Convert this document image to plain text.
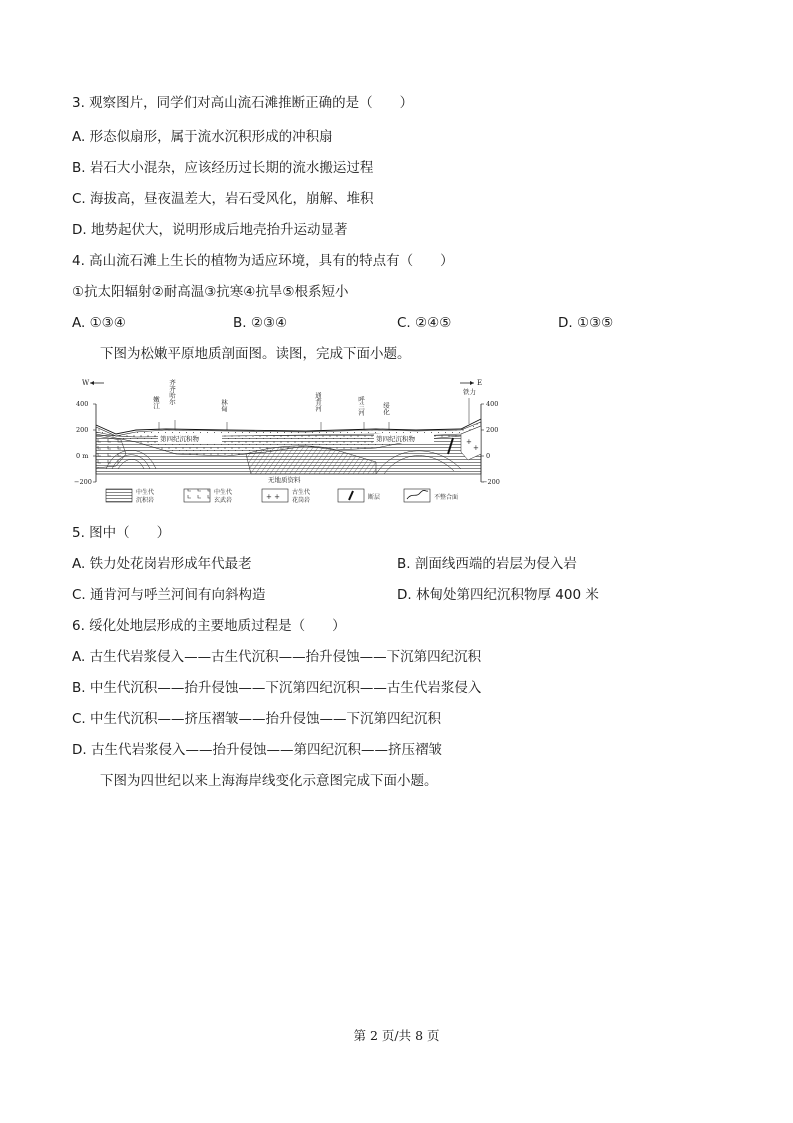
3. 观察图片，同学们对高山流石滩推断正确的是（　　）
A. 形态似扇形，属于流水沉积形成的冲积扇
B. 岩石大小混杂，应该经历过长期的流水搬运过程
C. 海拔高，昼夜温差大，岩石受风化，崩解、堆积
D. 地势起伏大，说明形成后地壳抬升运动显著
4. 高山流石滩上生长的植物为适应环境，具有的特点有（　　）
①抗太阳辐射②耐高温③抗寒④抗旱⑤根系短小
A. ①③④	B. ②③④	C. ②④⑤	D. ①③⑤
下图为松嫩平原地质剖面图。读图，完成下面小题。
W	E
400
200
0 m
−200
400
200
0
−200
+
+
第四纪沉积物	第四纪沉积物
无地质资料
嫩江 齐齐哈尔
林甸	通肯河	呼兰河	绥化
铁力
中生代
沉积岩
中生代
玄武岩	+ +
古生代
花岗岩	断层	不整合面
5. 图中（　　）
A. 铁力处花岗岩形成年代最老	B. 剖面线西端的岩层为侵入岩
C. 通肯河与呼兰河间有向斜构造	D. 林甸处第四纪沉积物厚 400 米
6. 绥化处地层形成的主要地质过程是（　　）
A. 古生代岩浆侵入——古生代沉积——抬升侵蚀——下沉第四纪沉积
B. 中生代沉积——抬升侵蚀——下沉第四纪沉积——古生代岩浆侵入
C. 中生代沉积——挤压褶皱——抬升侵蚀——下沉第四纪沉积
D. 古生代岩浆侵入——抬升侵蚀——第四纪沉积——挤压褶皱
下图为四世纪以来上海海岸线变化示意图完成下面小题。
第 2 页/共 8 页
